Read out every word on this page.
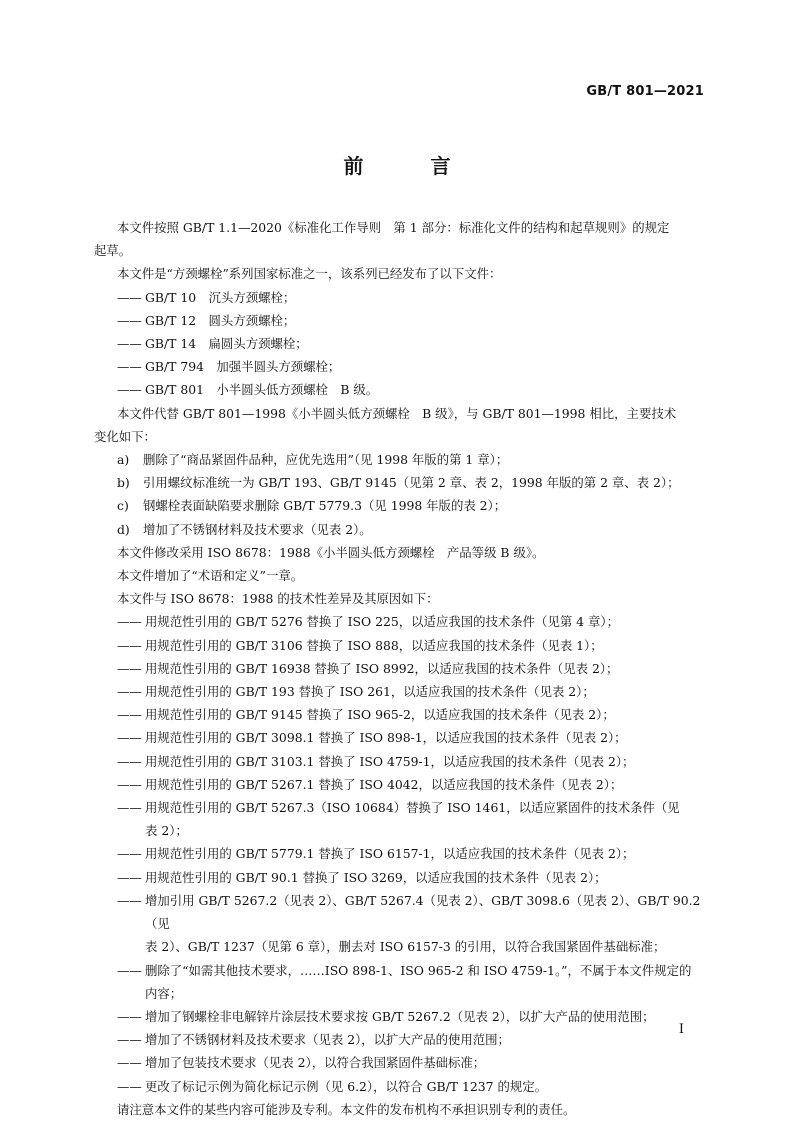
GB/T 801—2021
前 言

本文件按照 GB/T 1.1—2020《标准化工作导则　第 1 部分：标准化文件的结构和起草规则》的规定

起草。

本文件是“方颈螺栓”系列国家标准之一，该系列已经发布了以下文件：

—— GB/T 10　沉头方颈螺栓；

—— GB/T 12　圆头方颈螺栓；

—— GB/T 14　扁圆头方颈螺栓；

—— GB/T 794　加强半圆头方颈螺栓；

—— GB/T 801　小半圆头低方颈螺栓　B 级。

本文件代替 GB/T 801—1998《小半圆头低方颈螺栓　B 级》，与 GB/T 801—1998 相比，主要技术

变化如下：

a) 删除了“商品紧固件品种，应优先选用”（见 1998 年版的第 1 章）；

b) 引用螺纹标准统一为 GB/T 193、GB/T 9145（见第 2 章、表 2，1998 年版的第 2 章、表 2）；

c) 钢螺栓表面缺陷要求删除 GB/T 5779.3（见 1998 年版的表 2）；

d) 增加了不锈钢材料及技术要求（见表 2）。

本文件修改采用 ISO 8678：1988《小半圆头低方颈螺栓　产品等级 B 级》。

本文件增加了“术语和定义”一章。

本文件与 ISO 8678：1988 的技术性差异及其原因如下：

—— 用规范性引用的 GB/T 5276 替换了 ISO 225，以适应我国的技术条件（见第 4 章）；

—— 用规范性引用的 GB/T 3106 替换了 ISO 888，以适应我国的技术条件（见表 1）；

—— 用规范性引用的 GB/T 16938 替换了 ISO 8992，以适应我国的技术条件（见表 2）；

—— 用规范性引用的 GB/T 193 替换了 ISO 261，以适应我国的技术条件（见表 2）；

—— 用规范性引用的 GB/T 9145 替换了 ISO 965-2，以适应我国的技术条件（见表 2）；

—— 用规范性引用的 GB/T 3098.1 替换了 ISO 898-1，以适应我国的技术条件（见表 2）；

—— 用规范性引用的 GB/T 3103.1 替换了 ISO 4759-1，以适应我国的技术条件（见表 2）；

—— 用规范性引用的 GB/T 5267.1 替换了 ISO 4042，以适应我国的技术条件（见表 2）；

—— 用规范性引用的 GB/T 5267.3（ISO 10684）替换了 ISO 1461，以适应紧固件的技术条件（见
表 2）；

—— 用规范性引用的 GB/T 5779.1 替换了 ISO 6157-1，以适应我国的技术条件（见表 2）；

—— 用规范性引用的 GB/T 90.1 替换了 ISO 3269，以适应我国的技术条件（见表 2）；

—— 增加引用 GB/T 5267.2（见表 2）、GB/T 5267.4（见表 2）、GB/T 3098.6（见表 2）、GB/T 90.2（见
表 2）、GB/T 1237（见第 6 章），删去对 ISO 6157-3 的引用，以符合我国紧固件基础标准；

—— 删除了“如需其他技术要求，……ISO 898-1、ISO 965-2 和 ISO 4759-1。”，不属于本文件规定的
内容；

—— 增加了钢螺栓非电解锌片涂层技术要求按 GB/T 5267.2（见表 2），以扩大产品的使用范围；

—— 增加了不锈钢材料及技术要求（见表 2），以扩大产品的使用范围；

—— 增加了包装技术要求（见表 2），以符合我国紧固件基础标准；

—— 更改了标记示例为简化标记示例（见 6.2），以符合 GB/T 1237 的规定。

请注意本文件的某些内容可能涉及专利。本文件的发布机构不承担识别专利的责任。

I
